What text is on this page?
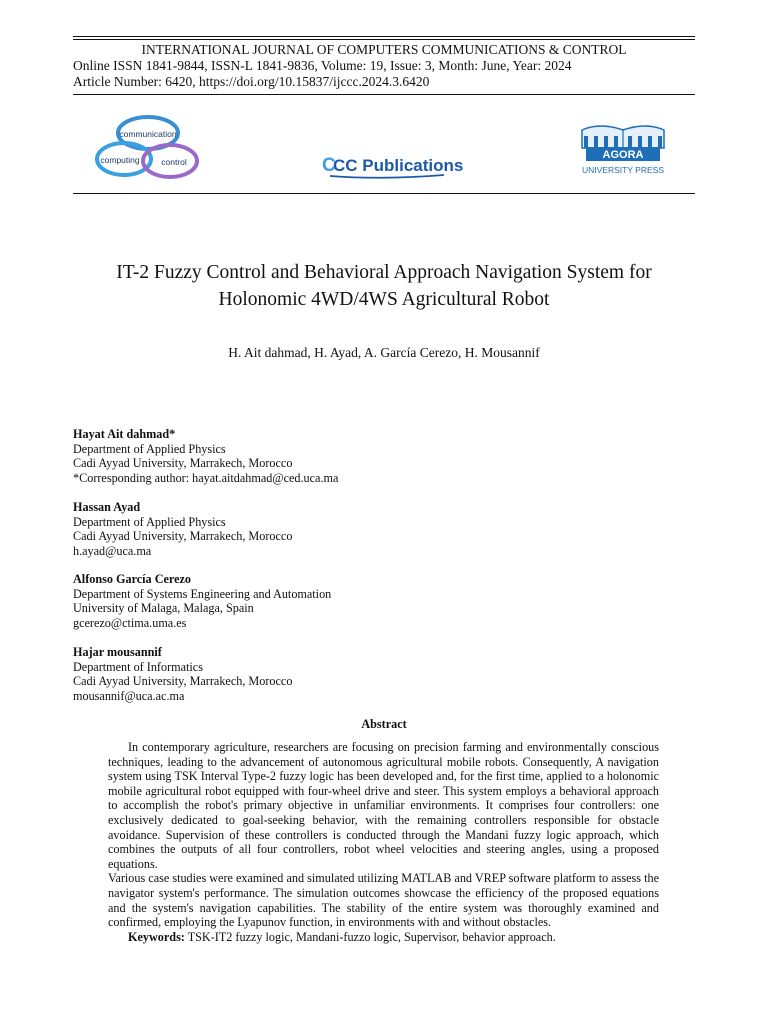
INTERNATIONAL JOURNAL OF COMPUTERS COMMUNICATIONS & CONTROL
Online ISSN 1841-9844, ISSN-L 1841-9836, Volume: 19, Issue: 3, Month: June, Year: 2024
Article Number: 6420, https://doi.org/10.15837/ijccc.2024.3.6420
communication
computing	control	C
CC Publications
AGORA
UNIVERSITY PRESS
IT-2 Fuzzy Control and Behavioral Approach Navigation System for
Holonomic 4WD/4WS Agricultural Robot
H. Ait dahmad, H. Ayad, A. García Cerezo, H. Mousannif
Hayat Ait dahmad*
Department of Applied Physics
Cadi Ayyad University, Marrakech, Morocco
*Corresponding author: hayat.aitdahmad@ced.uca.ma
Hassan Ayad
Department of Applied Physics
Cadi Ayyad University, Marrakech, Morocco
h.ayad@uca.ma
Alfonso García Cerezo
Department of Systems Engineering and Automation
University of Malaga, Malaga, Spain
gcerezo@ctima.uma.es
Hajar mousannif
Department of Informatics
Cadi Ayyad University, Marrakech, Morocco
mousannif@uca.ac.ma
Abstract

In contemporary agriculture, researchers are focusing on precision farming and environmentally conscious techniques, leading to the advancement of autonomous agricultural mobile robots. Consequently, A navigation system using TSK Interval Type-2 fuzzy logic has been developed and, for the first time, applied to a holonomic mobile agricultural robot equipped with four-wheel drive and steer. This system employs a behavioral approach to accomplish the robot's primary objective in unfamiliar environments. It comprises four controllers: one exclusively dedicated to goal-seeking behavior, with the remaining controllers responsible for obstacle avoidance. Supervision of these controllers is conducted through the Mandani fuzzy logic approach, which combines the outputs of all four controllers, robot wheel velocities and steering angles, using a proposed equations.

Various case studies were examined and simulated utilizing MATLAB and VREP software platform to assess the navigator system's performance. The simulation outcomes showcase the efficiency of the proposed equations and the system's navigation capabilities. The stability of the entire system was thoroughly examined and confirmed, employing the Lyapunov function, in environments with and without obstacles.

Keywords: TSK-IT2 fuzzy logic, Mandani-fuzzo logic, Supervisor, behavior approach.
